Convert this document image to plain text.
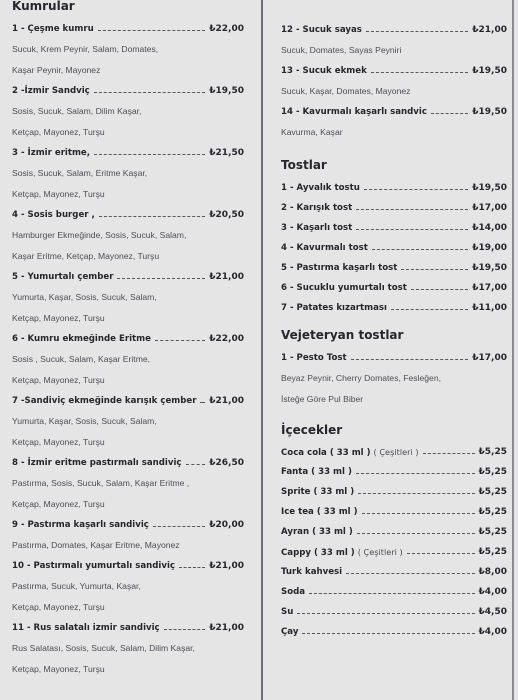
Kumrular
1 - Çeşme kumru	₺22,00
Sucuk, Krem Peynir, Salam, Domates,
Kaşar Peynir, Mayonez
2 -İzmir Sandviç	₺19,50
Sosis, Sucuk, Salam, Dilim Kaşar,
Ketçap, Mayonez, Turşu
3 - İzmir eritme,	₺21,50
Sosis, Sucuk, Salam, Eritme Kaşar,
Ketçap, Mayonez, Turşu
4 - Sosis burger ,	₺20,50
Hamburger Ekmeğinde, Sosis, Sucuk, Salam,
Kaşar Eritme, Ketçap, Mayonez, Turşu
5 - Yumurtalı çember	₺21,00
Yumurta, Kaşar, Sosis, Sucuk, Salam,
Ketçap, Mayonez, Turşu
6 - Kumru ekmeğinde Eritme	₺22,00
Sosis , Sucuk, Salam, Kaşar Eritme,
Ketçap, Mayonez, Turşu
7 -Sandiviç ekmeğinde karışık çember ₺21,00
Yumurta, Kaşar, Sosis, Sucuk, Salam,
Ketçap, Mayonez, Turşu
8 - İzmir eritme pastırmalı sandiviç	₺26,50
Pastırma, Sosis, Sucuk, Salam, Kaşar Eritme ,
Ketçap, Mayonez, Turşu
9 - Pastırma kaşarlı sandiviç	₺20,00
Pastırma, Domates, Kaşar Eritme, Mayonez
10 - Pastırmalı yumurtalı sandiviç	₺21,00
Pastırma, Sucuk, Yumurta, Kaşar,
Ketçap, Mayonez, Turşu
11 - Rus salatalı izmir sandiviç	₺21,00
Rus Salatası, Sosis, Sucuk, Salam, Dilim Kaşar,
Ketçap, Mayonez, Turşu
12 - Sucuk sayas	₺21,00
Sucuk, Domates, Sayas Peyniri
13 - Sucuk ekmek	₺19,50
Sucuk, Kaşar, Domates, Mayonez
14 - Kavurmalı kaşarlı sandvic	₺19,50
Kavurma, Kaşar
Tostlar
1 - Ayvalık tostu	₺19,50
2 - Karışık tost	₺17,00
3 - Kaşarlı tost	₺14,00
4 - Kavurmalı tost	₺19,00
5 - Pastırma kaşarlı tost	₺19,50
6 - Sucuklu yumurtalı tost	₺17,00
7 - Patates kızartması	₺11,00
Vejeteryan tostlar
1 - Pesto Tost	₺17,00
Beyaz Peynir, Cherry Domates, Fesleğen,
İsteğe Göre Pul Biber
İçecekler
Coca cola ( 33 ml ) ( Çeşitleri )	₺5,25
Fanta ( 33 ml )	₺5,25
Sprite ( 33 ml )	₺5,25
Ice tea ( 33 ml )	₺5,25
Ayran ( 33 ml )	₺5,25
Cappy ( 33 ml ) ( Çeşitleri )	₺5,25
Turk kahvesi	₺8,00
Soda	₺4,00
Su	₺4,50
Çay	₺4,00
